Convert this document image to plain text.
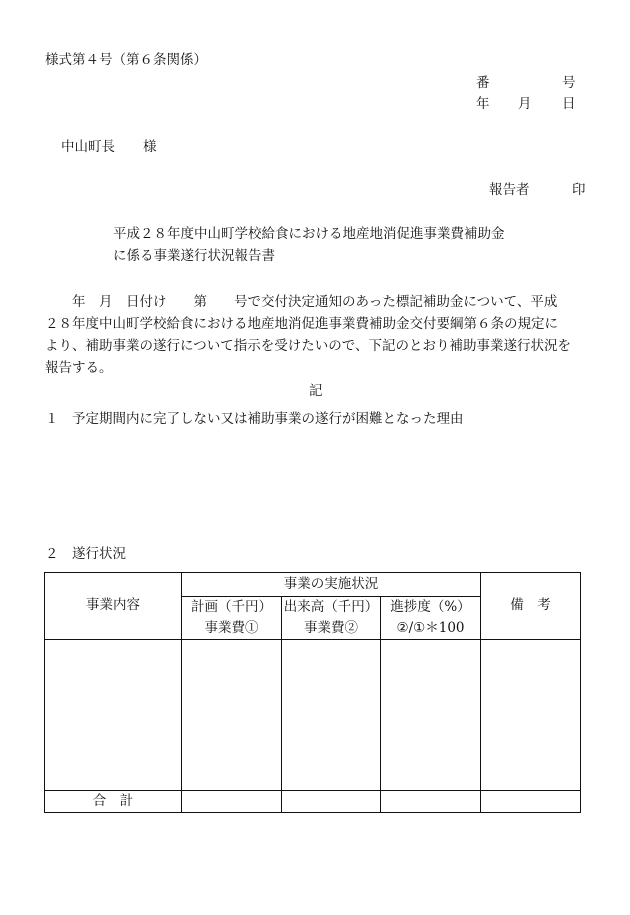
様式第４号（第６条関係）
番	号
年 月 日
中山町長 様
報告者	印
平成２８年度中山町学校給食における地産地消促進事業費補助金
に係る事業遂行状況報告書
　　年　月　日付け　　第　　号で交付決定通知のあった標記補助金について、平成
２８年度中山町学校給食における地産地消促進事業費補助金交付要綱第６条の規定に
より、補助事業の遂行について指示を受けたいので、下記のとおり補助事業遂行状況を
報告する。
記
１　予定期間内に完了しない又は補助事業の遂行が困難となった理由
２　遂行状況
事業内容	事業の実施状況			備　考
	計画（千円）	出来高（千円）	進捗度（%）	
	事業費①	事業費②	②/①＊100	

合　計				
